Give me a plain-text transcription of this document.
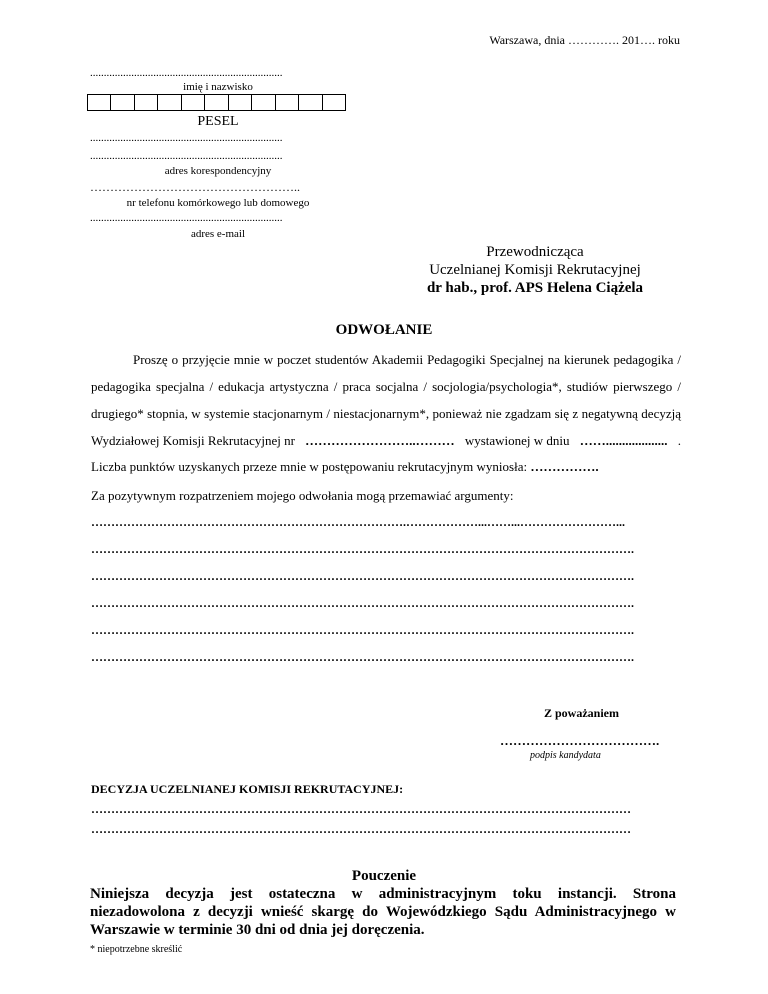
Warszawa, dnia …………. 201…. roku
......................................................................
imię i nazwisko
PESEL
......................................................................
......................................................................
adres korespondencyjny
……………………………………………..
nr telefonu komórkowego lub domowego
......................................................................
adres e-mail
Przewodnicząca
Uczelnianej Komisji Rekrutacyjnej
dr hab., prof. APS Helena Ciążela
ODWOŁANIE
Proszę o przyjęcie mnie w poczet studentów Akademii Pedagogiki Specjalnej na kierunek pedagogika /
pedagogika specjalna / edukacja artystyczna / praca socjalna / socjologia/psychologia*, studiów pierwszego /
drugiego* stopnia, w systemie stacjonarnym / niestacjonarnym*, ponieważ nie zgadzam się z negatywną decyzją
Wydziałowej Komisji Rekrutacyjnej nr ……………………..……… wystawionej w dniu ……................... .
Liczba punktów uzyskanych przeze mnie w postępowaniu rekrutacyjnym wyniosła: …………….
Za pozytywnym rozpatrzeniem mojego odwołania mogą przemawiać argumenty:
…………………………………………………………………….………………...……...……………………...
……………………………………………………………………………………………………………………….
……………………………………………………………………………………………………………………….
……………………………………………………………………………………………………………………….
……………………………………………………………………………………………………………………….
……………………………………………………………………………………………………………………….
Z poważaniem
……………………………….
podpis kandydata
DECYZJA UCZELNIANEJ KOMISJI REKRUTACYJNEJ:
………………………………………………………………………………………………………………………
………………………………………………………………………………………………………………………
Pouczenie
Niniejsza decyzja jest ostateczna w administracyjnym toku instancji. Strona
niezadowolona z decyzji wnieść skargę do Wojewódzkiego Sądu Administracyjnego w
Warszawie w terminie 30 dni od dnia jej doręczenia.
* niepotrzebne skreślić
